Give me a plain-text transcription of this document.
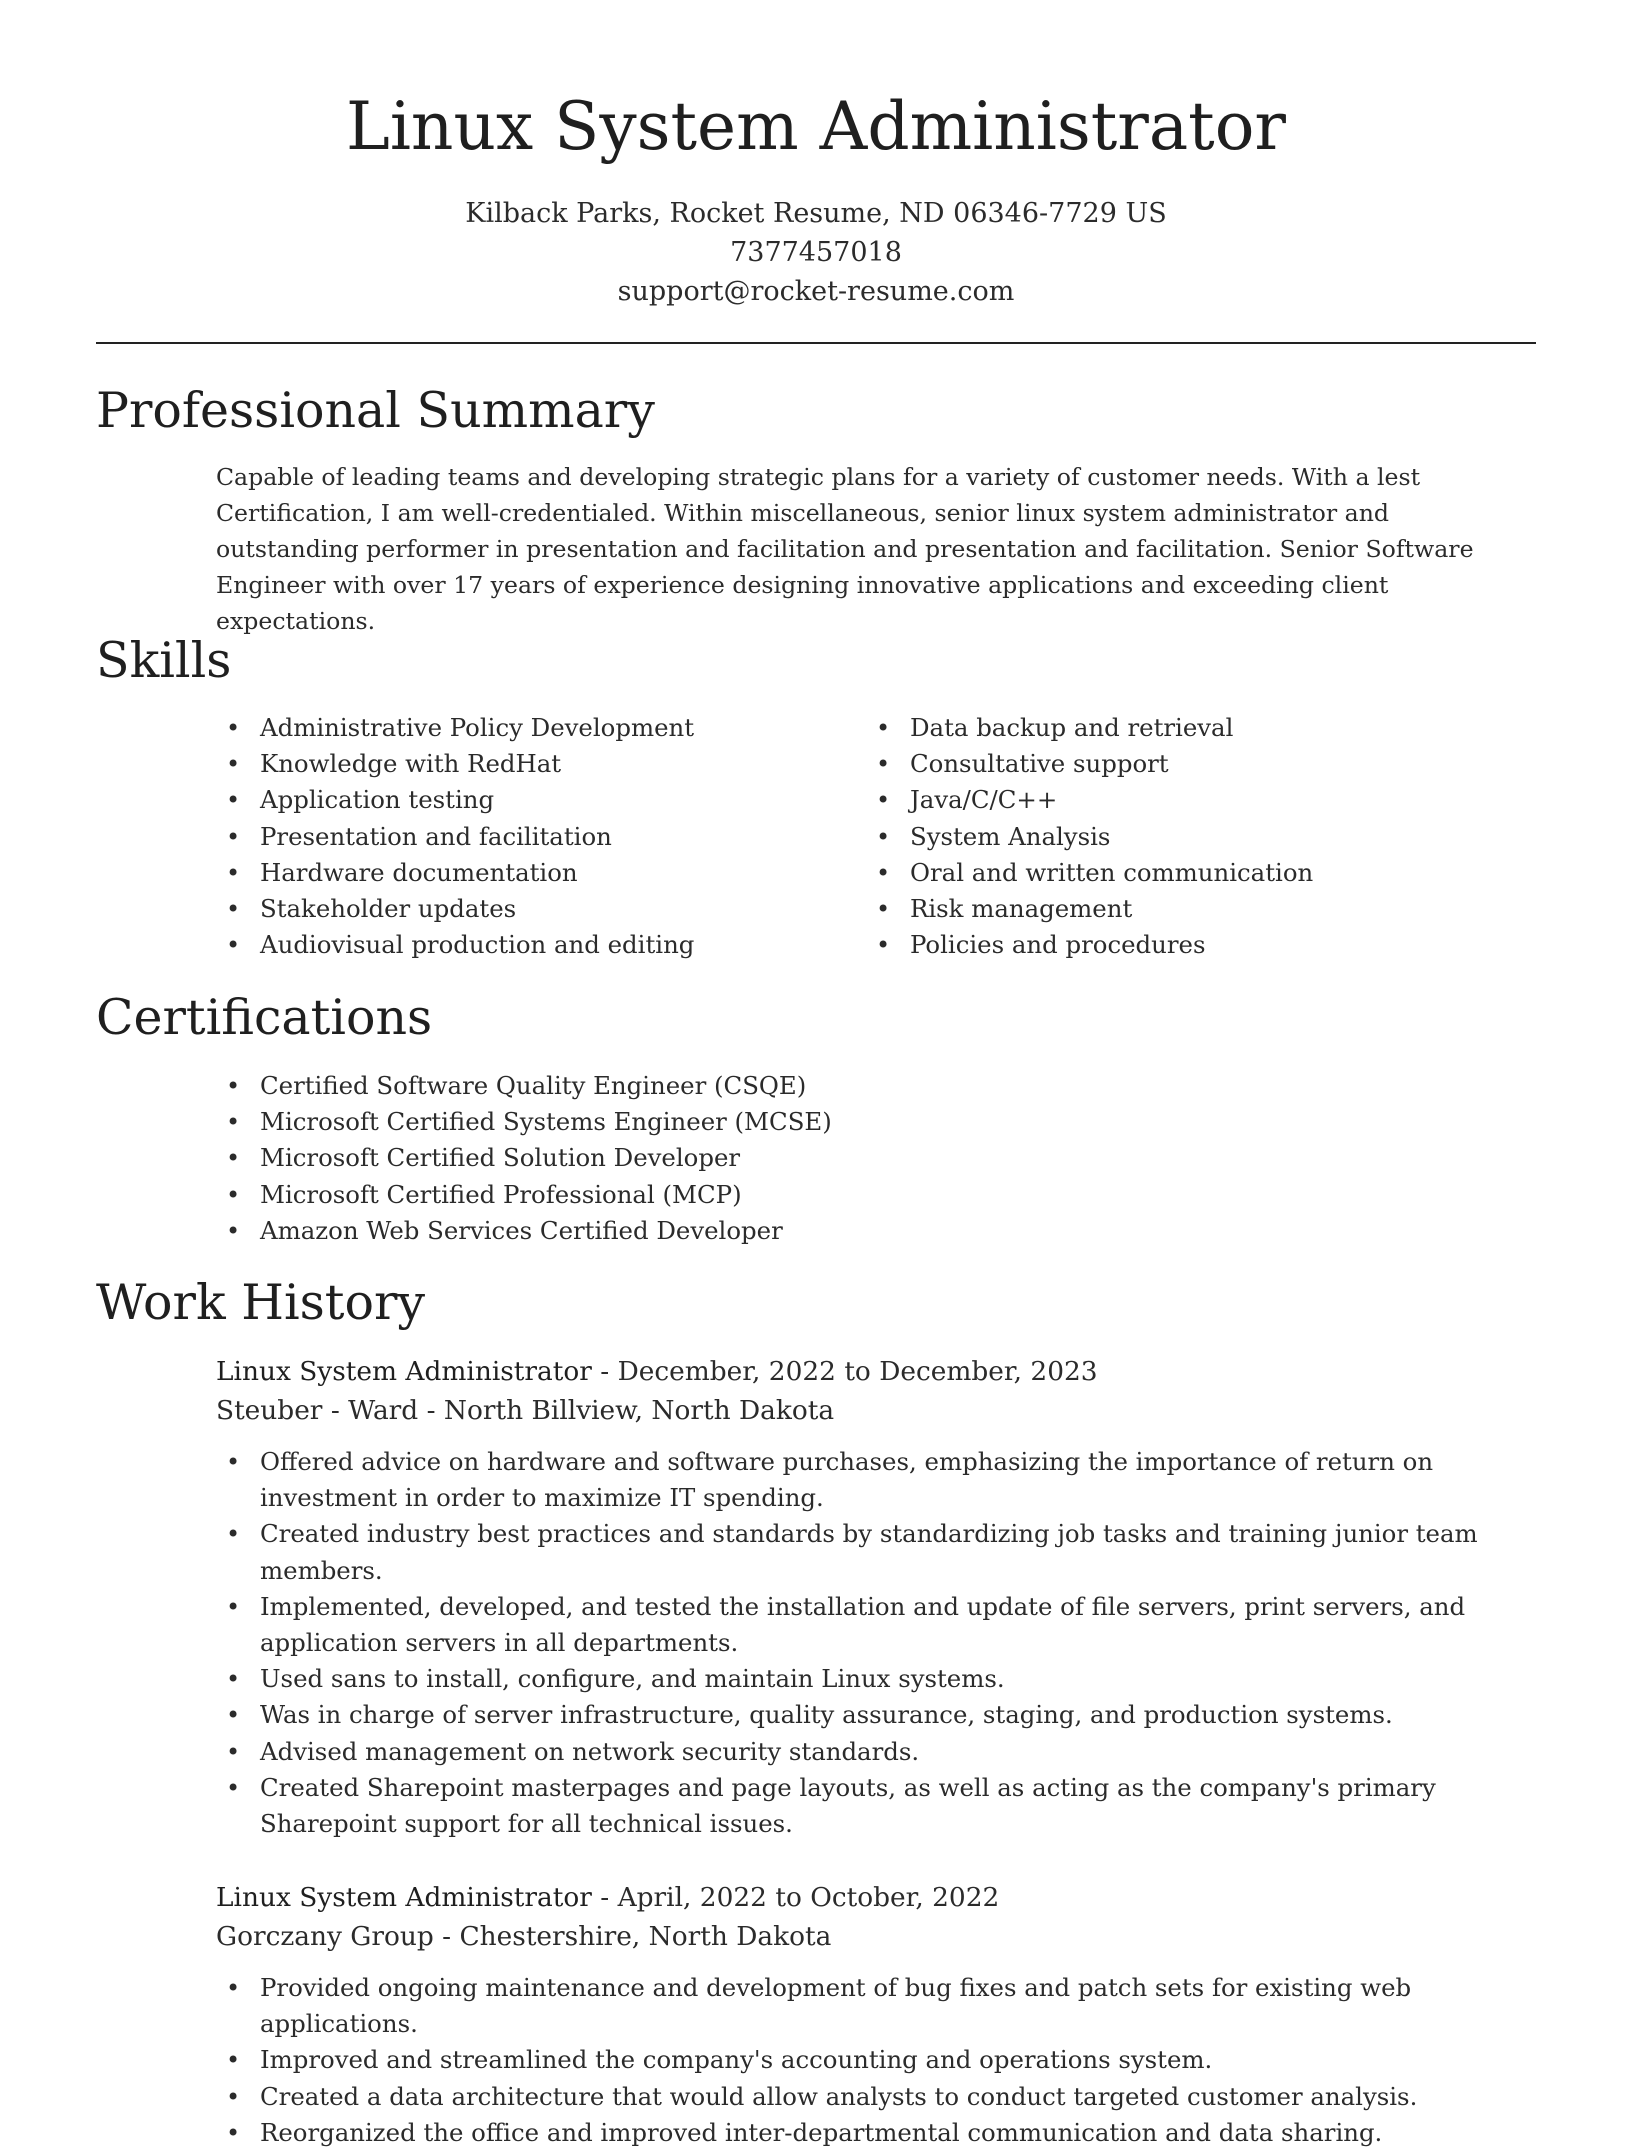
Linux System Administrator
Kilback Parks, Rocket Resume, ND 06346-7729 US
7377457018
support@rocket-resume.com
Professional Summary
Capable of leading teams and developing strategic plans for a variety of customer needs. With a lest Certification, I am well-credentialed. Within miscellaneous, senior linux system administrator and outstanding performer in presentation and facilitation and presentation and facilitation. Senior Software Engineer with over 17 years of experience designing innovative applications and exceeding client expectations.
Skills
• Administrative Policy Development
• Knowledge with RedHat
• Application testing
• Presentation and facilitation
• Hardware documentation
• Stakeholder updates
• Audiovisual production and editing
• Data backup and retrieval
• Consultative support
• Java/C/C++
• System Analysis
• Oral and written communication
• Risk management
• Policies and procedures
Certifications
• Certified Software Quality Engineer (CSQE)
• Microsoft Certified Systems Engineer (MCSE)
• Microsoft Certified Solution Developer
• Microsoft Certified Professional (MCP)
• Amazon Web Services Certified Developer
Work History
Linux System Administrator - December, 2022 to December, 2023
Steuber - Ward - North Billview, North Dakota
• Offered advice on hardware and software purchases, emphasizing the importance of return on investment in order to maximize IT spending.
• Created industry best practices and standards by standardizing job tasks and training junior team members.
• Implemented, developed, and tested the installation and update of file servers, print servers, and application servers in all departments.
• Used sans to install, configure, and maintain Linux systems.
• Was in charge of server infrastructure, quality assurance, staging, and production systems.
• Advised management on network security standards.
• Created Sharepoint masterpages and page layouts, as well as acting as the company's primary Sharepoint support for all technical issues.
Linux System Administrator - April, 2022 to October, 2022
Gorczany Group - Chestershire, North Dakota
• Provided ongoing maintenance and development of bug fixes and patch sets for existing web applications.
• Improved and streamlined the company's accounting and operations system.
• Created a data architecture that would allow analysts to conduct targeted customer analysis.
• Reorganized the office and improved inter-departmental communication and data sharing.
